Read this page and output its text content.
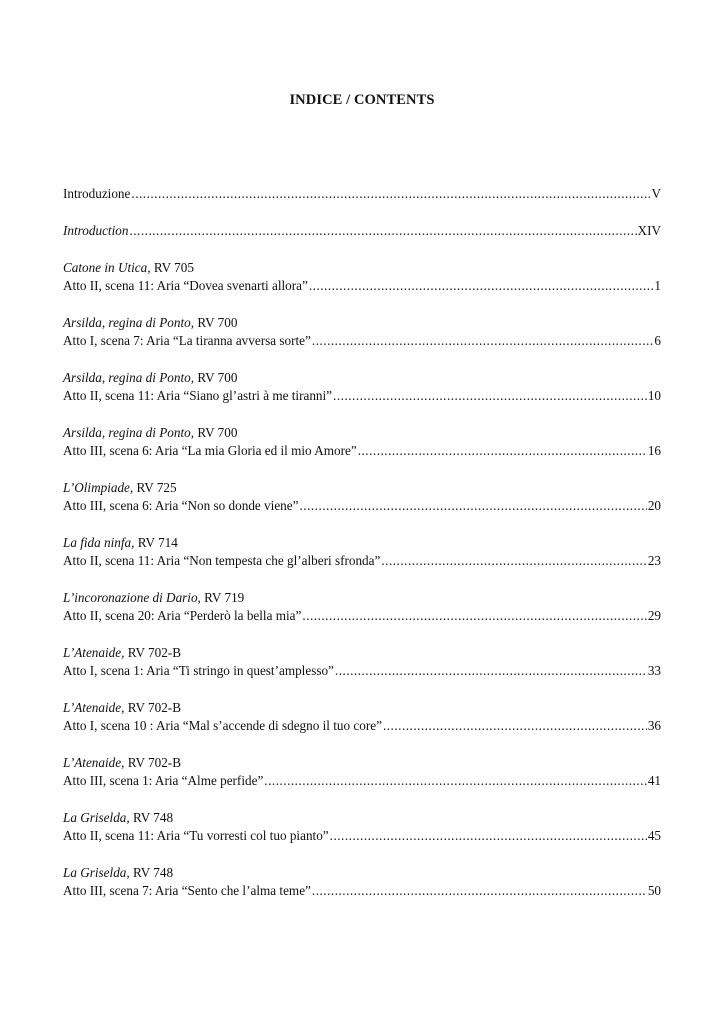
INDICE / CONTENTS
Introduzione .....	V
Introduction .....	XIV
Catone in Utica, RV 705
Atto II, scena 11: Aria “Dovea svenarti allora” .....	1
Arsilda, regina di Ponto, RV 700
Atto I, scena 7: Aria “La tiranna avversa sorte” .....	6
Arsilda, regina di Ponto, RV 700
Atto II, scena 11: Aria “Siano gl’astri à me tiranni” .....	10
Arsilda, regina di Ponto, RV 700
Atto III, scena 6: Aria “La mia Gloria ed il mio Amore” .....	16
L’Olimpiade, RV 725
Atto III, scena 6: Aria “Non so donde viene” .....	20
La fida ninfa, RV 714
Atto II, scena 11: Aria “Non tempesta che gl’alberi sfronda” .....	23
L’incoronazione di Dario, RV 719
Atto II, scena 20: Aria “Perderò la bella mia” .....	29
L’Atenaide, RV 702-B
Atto I, scena 1: Aria “Ti stringo in quest’amplesso” .....	33
L’Atenaide, RV 702-B
Atto I, scena 10 : Aria “Mal s’accende di sdegno il tuo core” .....	36
L’Atenaide, RV 702-B
Atto III, scena 1: Aria “Alme perfide” .....	41
La Griselda, RV 748
Atto II, scena 11: Aria “Tu vorresti col tuo pianto” .....	45
La Griselda, RV 748
Atto III, scena 7: Aria “Sento che l’alma teme” .....	50
